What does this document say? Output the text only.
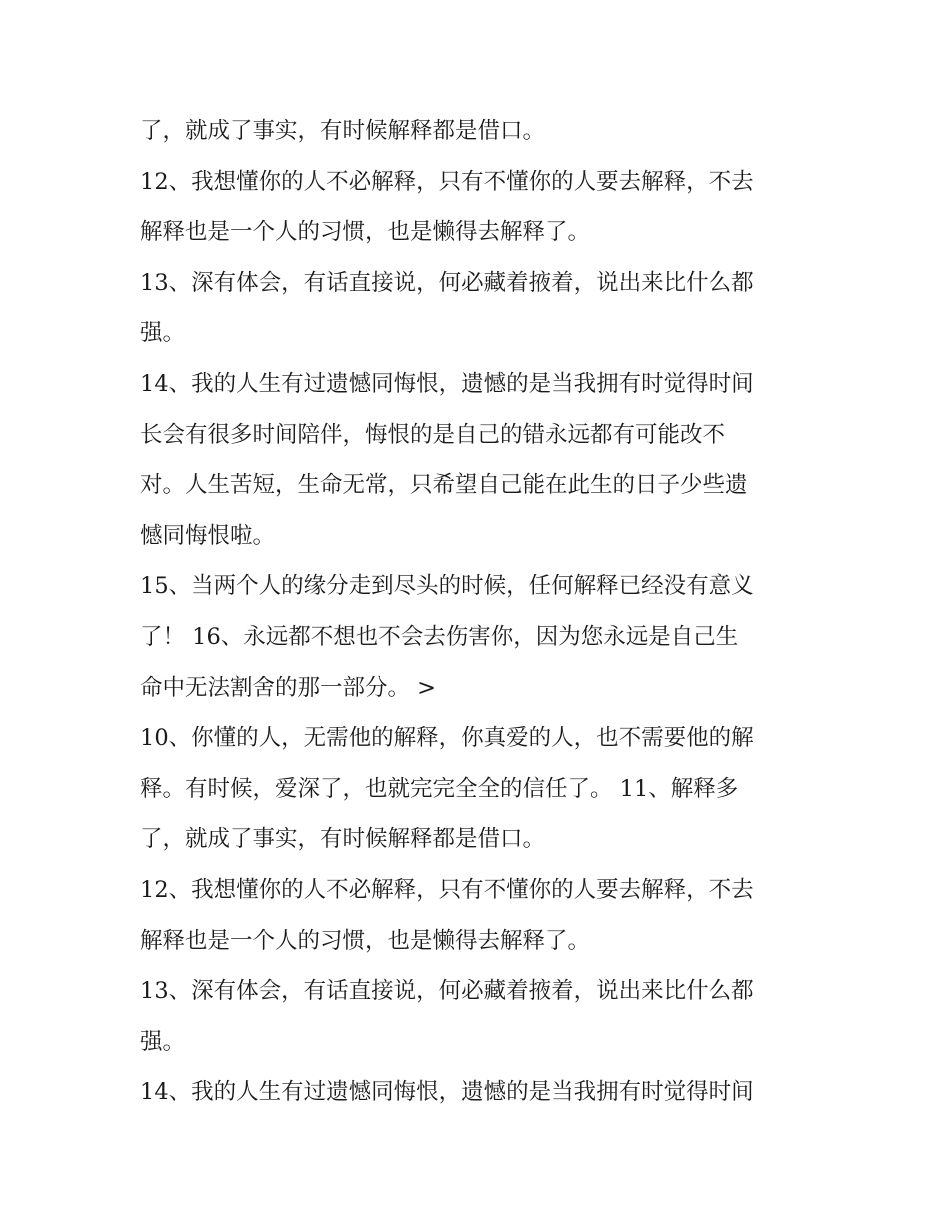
了，就成了事实，有时候解释都是借口。
12、我想懂你的人不必解释，只有不懂你的人要去解释，不去
解释也是一个人的习惯，也是懒得去解释了。
13、深有体会，有话直接说，何必藏着掖着，说出来比什么都
强。
14、我的人生有过遗憾同悔恨，遗憾的是当我拥有时觉得时间
长会有很多时间陪伴，悔恨的是自己的错永远都有可能改不
对。人生苦短，生命无常，只希望自己能在此生的日子少些遗
憾同悔恨啦。
15、当两个人的缘分走到尽头的时候，任何解释已经没有意义
了！ 16、永远都不想也不会去伤害你，因为您永远是自己生
命中无法割舍的那一部分。 >
10、你懂的人，无需他的解释，你真爱的人，也不需要他的解
释。有时候，爱深了，也就完完全全的信任了。 11、解释多
了，就成了事实，有时候解释都是借口。
12、我想懂你的人不必解释，只有不懂你的人要去解释，不去
解释也是一个人的习惯，也是懒得去解释了。
13、深有体会，有话直接说，何必藏着掖着，说出来比什么都
强。
14、我的人生有过遗憾同悔恨，遗憾的是当我拥有时觉得时间
